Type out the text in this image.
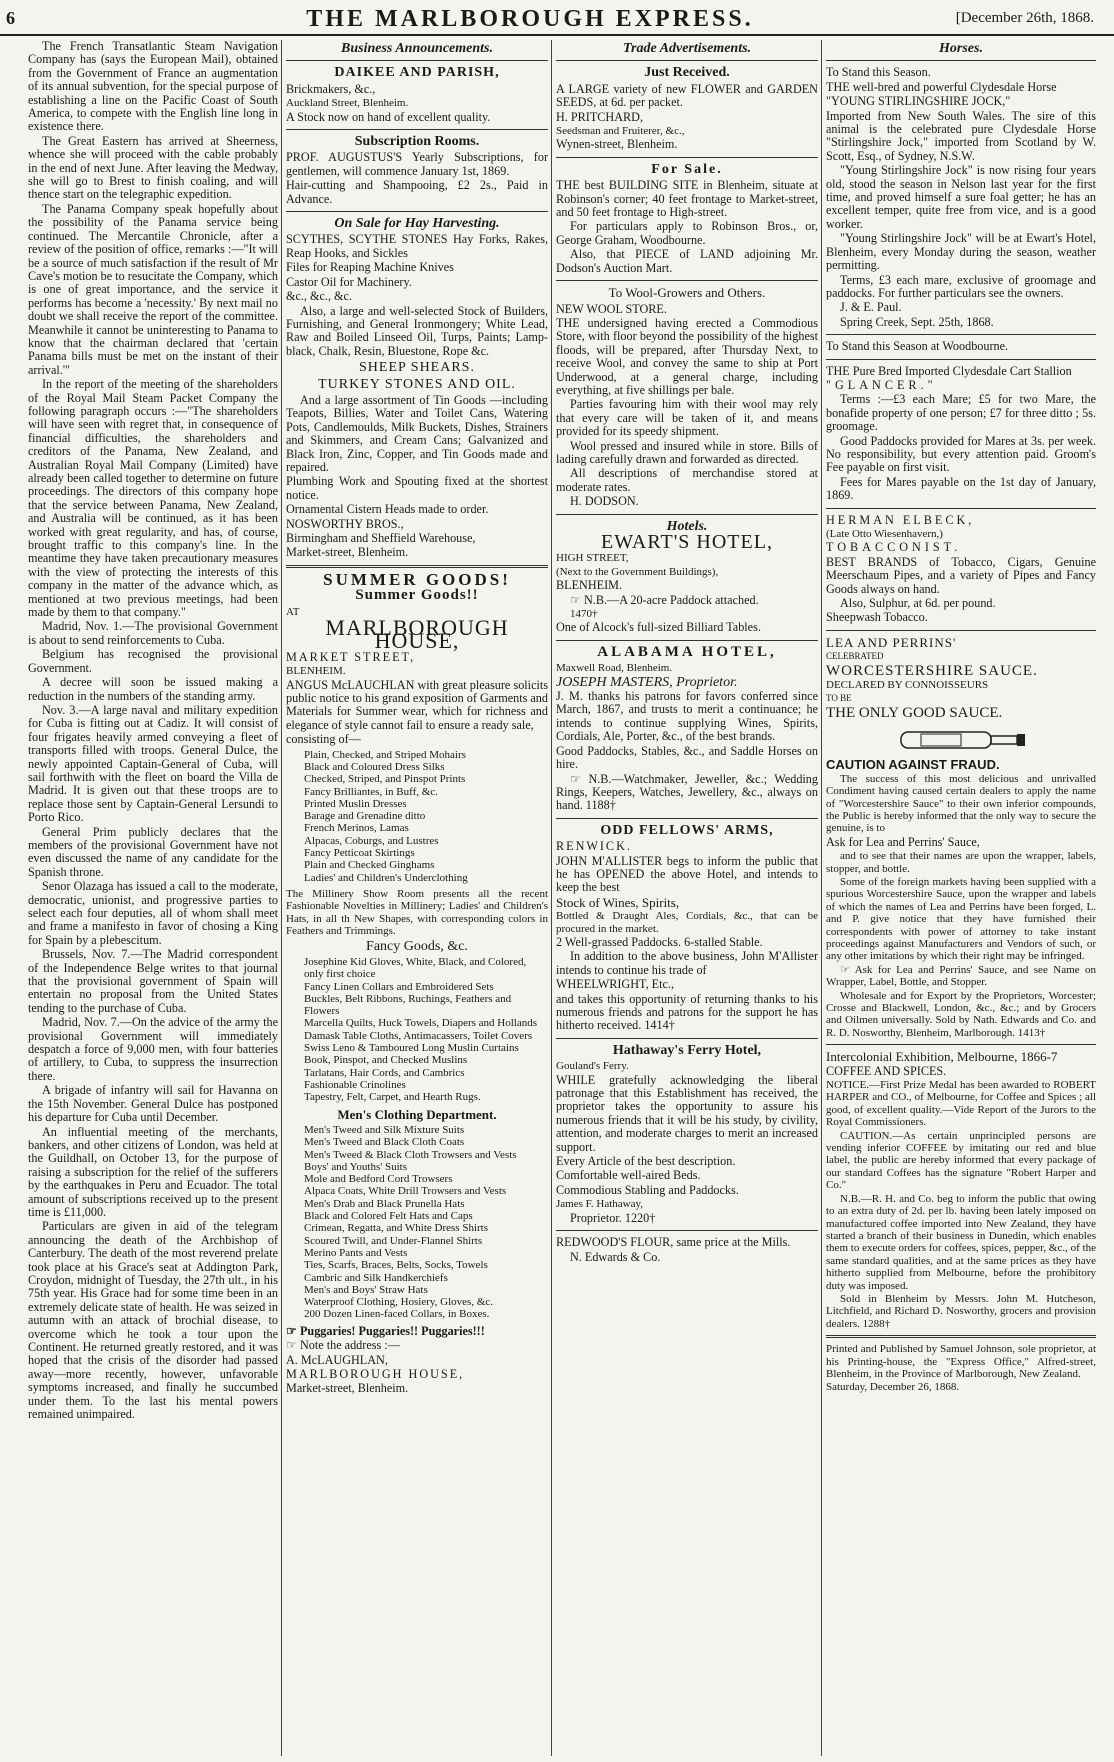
6	THE MARLBOROUGH EXPRESS.	[December 26th, 1868.

The French Transatlantic Steam Navigation Company has (says the European Mail), obtained from the Government of France an augmentation of its annual subvention, for the special purpose of establishing a line on the Pacific Coast of South America, to compete with the English line long in existence there.

The Great Eastern has arrived at Sheerness, whence she will proceed with the cable probably in the end of next June. After leaving the Medway, she will go to Brest to finish coaling, and will thence start on the telegraphic expedition.

The Panama Company speak hopefully about the possibility of the Panama service being continued. The Mercantile Chronicle, after a review of the position of office, remarks :—"It will be a source of much satisfaction if the result of Mr Cave's motion be to resucitate the Company, which is one of great importance, and the service it performs has become a 'necessity.' By next mail no doubt we shall receive the report of the committee. Meanwhile it cannot be uninteresting to Panama to know that the chairman declared that 'certain Panama bills must be met on the instant of their arrival.'"

In the report of the meeting of the shareholders of the Royal Mail Steam Packet Company the following paragraph occurs :—"The shareholders will have seen with regret that, in consequence of financial difficulties, the shareholders and creditors of the Panama, New Zealand, and Australian Royal Mail Company (Limited) have already been called together to determine on future proceedings. The directors of this company hope that the service between Panama, New Zealand, and Australia will be continued, as it has been worked with great regularity, and has, of course, brought traffic to this company's line. In the meantime they have taken precautionary measures with the view of protecting the interests of this company in the matter of the advance which, as mentioned at two previous meetings, had been made by them to that company."

Madrid, Nov. 1.—The provisional Government is about to send reinforcements to Cuba.

Belgium has recognised the provisional Government.

A decree will soon be issued making a reduction in the numbers of the standing army.

Nov. 3.—A large naval and military expedition for Cuba is fitting out at Cadiz. It will consist of four frigates heavily armed conveying a fleet of transports filled with troops. General Dulce, the newly appointed Captain-General of Cuba, will sail forthwith with the fleet on board the Villa de Madrid. It is given out that these troops are to replace those sent by Captain-General Lersundi to Porto Rico.

General Prim publicly declares that the members of the provisional Government have not even discussed the name of any candidate for the Spanish throne.

Senor Olazaga has issued a call to the moderate, democratic, unionist, and progressive parties to select each four deputies, all of whom shall meet and frame a manifesto in favor of chosing a King for Spain by a plebescitum.

Brussels, Nov. 7.—The Madrid correspondent of the Independence Belge writes to that journal that the provisional government of Spain will entertain no proposal from the United States tending to the purchase of Cuba.

Madrid, Nov. 7.—On the advice of the army the provisional Government will immediately despatch a force of 9,000 men, with four batteries of artillery, to Cuba, to suppress the insurrection there.

A brigade of infantry will sail for Havanna on the 15th November. General Dulce has postponed his departure for Cuba until December.

An influential meeting of the merchants, bankers, and other citizens of London, was held at the Guildhall, on October 13, for the purpose of raising a subscription for the relief of the sufferers by the earthquakes in Peru and Ecuador. The total amount of subscriptions received up to the present time is £11,000.

Particulars are given in aid of the telegram announcing the death of the Archbishop of Canterbury. The death of the most reverend prelate took place at his Grace's seat at Addington Park, Croydon, midnight of Tuesday, the 27th ult., in his 75th year. His Grace had for some time been in an extremely delicate state of health. He was seized in autumn with an attack of brochial disease, to overcome which he took a tour upon the Continent. He returned greatly restored, and it was hoped that the crisis of the disorder had passed away—more recently, however, unfavorable symptoms increased, and finally he succumbed under them. To the last his mental powers remained unimpaired.

Business Announcements.
DAIKEE AND PARISH,

Brickmakers, &c.,

Auckland Street, Blenheim.

A Stock now on hand of excellent quality.

Subscription Rooms.

PROF. AUGUSTUS'S Yearly Subscriptions, for gentlemen, will commence January 1st, 1869.

Hair-cutting and Shampooing, £2 2s., Paid in Advance.

On Sale for Hay Harvesting.

SCYTHES, SCYTHE STONES Hay Forks, Rakes, Reap Hooks, and Sickles

Files for Reaping Machine Knives

Castor Oil for Machinery.

&c., &c., &c.

Also, a large and well-selected Stock of Builders, Furnishing, and General Ironmongery; White Lead, Raw and Boiled Linseed Oil, Turps, Paints; Lamp-black, Chalk, Resin, Bluestone, Rope &c.

SHEEP SHEARS.
TURKEY STONES AND OIL.

And a large assortment of Tin Goods —including Teapots, Billies, Water and Toilet Cans, Watering Pots, Candlemoulds, Milk Buckets, Dishes, Strainers and Skimmers, and Cream Cans; Galvanized and Black Iron, Zinc, Copper, and Tin Goods made and repaired.

Plumbing Work and Spouting fixed at the shortest notice.

Ornamental Cistern Heads made to order.

NOSWORTHY BROS.,

Birmingham and Sheffield Warehouse,

Market-street, Blenheim.

SUMMER GOODS!
Summer Goods!!

AT

MARLBOROUGH HOUSE,

MARKET STREET,

BLENHEIM.

ANGUS McLAUCHLAN with great pleasure solicits public notice to his grand exposition of Garments and Materials for Summer wear, which for richness and elegance of style cannot fail to ensure a ready sale,

consisting of—

Plain, Checked, and Striped Mohairs
Black and Coloured Dress Silks
Checked, Striped, and Pinspot Prints
Fancy Brilliantes, in Buff, &c.
Printed Muslin Dresses
Barage and Grenadine ditto
French Merinos, Lamas
Alpacas, Coburgs, and Lustres
Fancy Petticoat Skirtings
Plain and Checked Ginghams
Ladies' and Children's Underclothing

The Millinery Show Room presents all the recent Fashionable Novelties in Millinery; Ladies' and Children's Hats, in all th New Shapes, with corresponding colors in Feathers and Trimmings.

Fancy Goods, &c.
Josephine Kid Gloves, White, Black, and Colored, only first choice
Fancy Linen Collars and Embroidered Sets
Buckles, Belt Ribbons, Ruchings, Feathers and Flowers
Marcella Quilts, Huck Towels, Diapers and Hollands
Damask Table Cloths, Antimacassers, Toilet Covers
Swiss Leno & Tamboured Long Muslin Curtains
Book, Pinspot, and Checked Muslins
Tarlatans, Hair Cords, and Cambrics
Fashionable Crinolines
Tapestry, Felt, Carpet, and Hearth Rugs.
Men's Clothing Department.
Men's Tweed and Silk Mixture Suits
Men's Tweed and Black Cloth Coats
Men's Tweed & Black Cloth Trowsers and Vests
Boys' and Youths' Suits
Mole and Bedford Cord Trowsers
Alpaca Coats, White Drill Trowsers and Vests
Men's Drab and Black Prunella Hats
Black and Colored Felt Hats and Caps
Crimean, Regatta, and White Dress Shirts
Scoured Twill, and Under-Flannel Shirts
Merino Pants and Vests
Ties, Scarfs, Braces, Belts, Socks, Towels
Cambric and Silk Handkerchiefs
Men's and Boys' Straw Hats
Waterproof Clothing, Hosiery, Gloves, &c.
200 Dozen Linen-faced Collars, in Boxes.

☞ Puggaries! Puggaries!! Puggaries!!!

☞ Note the address :—

A. McLAUGHLAN,

MARLBOROUGH HOUSE,

Market-street, Blenheim.

Trade Advertisements.
Just Received.

A LARGE variety of new FLOWER and GARDEN SEEDS, at 6d. per packet.

H. PRITCHARD,

Seedsman and Fruiterer, &c.,

Wynen-street, Blenheim.

For Sale.

THE best BUILDING SITE in Blenheim, situate at Robinson's corner; 40 feet frontage to Market-street, and 50 feet frontage to High-street.

For particulars apply to Robinson Bros., or, George Graham, Woodbourne.

Also, that PIECE of LAND adjoining Mr. Dodson's Auction Mart.

To Wool-Growers and Others.

NEW WOOL STORE.

THE undersigned having erected a Commodious Store, with floor beyond the possibility of the highest floods, will be prepared, after Thursday Next, to receive Wool, and convey the same to ship at Port Underwood, at a general charge, including everything, at five shillings per bale.

Parties favouring him with their wool may rely that every care will be taken of it, and means provided for its speedy shipment.

Wool pressed and insured while in store. Bills of lading carefully drawn and forwarded as directed.

All descriptions of merchandise stored at moderate rates.

H. DODSON.

Hotels.
EWART'S HOTEL,

HIGH STREET,

(Next to the Government Buildings),

BLENHEIM.

☞ N.B.—A 20-acre Paddock attached.

1470†

One of Alcock's full-sized Billiard Tables.

ALABAMA HOTEL,

Maxwell Road, Blenheim.

JOSEPH MASTERS, Proprietor.

J. M. thanks his patrons for favors conferred since March, 1867, and trusts to merit a continuance; he intends to continue supplying Wines, Spirits, Cordials, Ale, Porter, &c., of the best brands.

Good Paddocks, Stables, &c., and Saddle Horses on hire.

☞ N.B.—Watchmaker, Jeweller, &c.; Wedding Rings, Keepers, Watches, Jewellery, &c., always on hand. 1188†

ODD FELLOWS' ARMS,

RENWICK.

JOHN M'ALLISTER begs to inform the public that he has OPENED the above Hotel, and intends to keep the best

Stock of Wines, Spirits,

Bottled & Draught Ales, Cordials, &c., that can be procured in the market.

2 Well-grassed Paddocks. 6-stalled Stable.

In addition to the above business, John M'Allister intends to continue his trade of

WHEELWRIGHT, Etc.,

and takes this opportunity of returning thanks to his numerous friends and patrons for the support he has hitherto received. 1414†

Hathaway's Ferry Hotel,

Gouland's Ferry.

WHILE gratefully acknowledging the liberal patronage that this Establishment has received, the proprietor takes the opportunity to assure his numerous friends that it will be his study, by civility, attention, and moderate charges to merit an increased support.

Every Article of the best description.

Comfortable well-aired Beds.

Commodious Stabling and Paddocks.

James F. Hathaway,

Proprietor. 1220†

REDWOOD'S FLOUR, same price at the Mills.

N. Edwards & Co.

Horses.

To Stand this Season.

THE well-bred and powerful Clydesdale Horse

"YOUNG STIRLINGSHIRE JOCK,"

Imported from New South Wales. The sire of this animal is the celebrated pure Clydesdale Horse "Stirlingshire Jock," imported from Scotland by W. Scott, Esq., of Sydney, N.S.W.

"Young Stirlingshire Jock" is now rising four years old, stood the season in Nelson last year for the first time, and proved himself a sure foal getter; he has an excellent temper, quite free from vice, and is a good worker.

"Young Stirlingshire Jock" will be at Ewart's Hotel, Blenheim, every Monday during the season, weather permitting.

Terms, £3 each mare, exclusive of groomage and paddocks. For further particulars see the owners.

J. & E. Paul.

Spring Creek, Sept. 25th, 1868.

To Stand this Season at Woodbourne.

THE Pure Bred Imported Clydesdale Cart Stallion

"GLANCER."

Terms :—£3 each Mare; £5 for two Mare, the bonafide property of one person; £7 for three ditto ; 5s. groomage.

Good Paddocks provided for Mares at 3s. per week. No responsibility, but every attention paid. Groom's Fee payable on first visit.

Fees for Mares payable on the 1st day of January, 1869.

HERMAN ELBECK,

(Late Otto Wiesenhavern,)

TOBACCONIST.

BEST BRANDS of Tobacco, Cigars, Genuine Meerschaum Pipes, and a variety of Pipes and Fancy Goods always on hand.

Also, Sulphur, at 6d. per pound.

Sheepwash Tobacco.

LEA AND PERRINS'

CELEBRATED

WORCESTERSHIRE SAUCE.

DECLARED BY CONNOISSEURS

TO BE

THE ONLY GOOD SAUCE.

CAUTION AGAINST FRAUD.

The success of this most delicious and unrivalled Condiment having caused certain dealers to apply the name of "Worcestershire Sauce" to their own inferior compounds, the Public is hereby informed that the only way to secure the genuine, is to

Ask for Lea and Perrins' Sauce,

and to see that their names are upon the wrapper, labels, stopper, and bottle.

Some of the foreign markets having been supplied with a spurious Worcestershire Sauce, upon the wrapper and labels of which the names of Lea and Perrins have been forged, L. and P. give notice that they have furnished their correspondents with power of attorney to take instant proceedings against Manufacturers and Vendors of such, or any other imitations by which their right may be infringed.

☞ Ask for Lea and Perrins' Sauce, and see Name on Wrapper, Label, Bottle, and Stopper.

Wholesale and for Export by the Proprietors, Worcester; Crosse and Blackwell, London, &c., &c.; and by Grocers and Oilmen universally. Sold by Nath. Edwards and Co. and R. D. Nosworthy, Blenheim, Marlborough. 1413†

Intercolonial Exhibition, Melbourne, 1866-7

COFFEE AND SPICES.

NOTICE.—First Prize Medal has been awarded to ROBERT HARPER and CO., of Melbourne, for Coffee and Spices ; all good, of excellent quality.—Vide Report of the Jurors to the Royal Commissioners.

CAUTION.—As certain unprincipled persons are vending inferior COFFEE by imitating our red and blue label, the public are hereby informed that every package of our standard Coffees has the signature "Robert Harper and Co."

N.B.—R. H. and Co. beg to inform the public that owing to an extra duty of 2d. per lb. having been lately imposed on manufactured coffee imported into New Zealand, they have started a branch of their business in Dunedin, which enables them to execute orders for coffees, spices, pepper, &c., of the same standard qualities, and at the same prices as they have hitherto supplied from Melbourne, before the prohibitory duty was imposed.

Sold in Blenheim by Messrs. John M. Hutcheson, Litchfield, and Richard D. Nosworthy, grocers and provision dealers. 1288†

Printed and Published by Samuel Johnson, sole proprietor, at his Printing-house, the "Express Office," Alfred-street, Blenheim, in the Province of Marlborough, New Zealand.

Saturday, December 26, 1868.
